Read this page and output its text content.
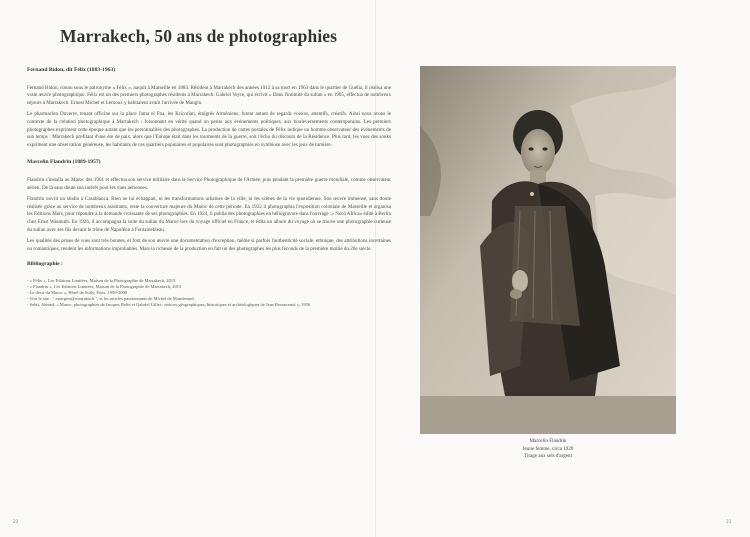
Marrakech, 50 ans de photographies
Fernand Bidon, dit Félix (1883-1963)

Fernand Bidon, connu sous le patronyme « Félix », naquit à Marseille en 1883. Résident à Marrakech des années 1912 à sa mort en 1963 dans le quartier de Guéliz, il réalisa une vraie œuvre photographique. Félix est un des premiers photographes résidents à Marrakech. Gabriel Veyre, qui écrivit « Dans l'intimité du sultan » en 1905, effectua de nombreux séjours à Marrakech. Ernest Michel et Lemoux y habitaient avant l'arrivée de Mangin.

Le pharmacien Duverre, tenant officine sur la place Jama el Fna, les Kricorian, émigrés Arméniens, furent autant de regards voisins, attentifs, créatifs. Ainsi nous avons le contexte de la création photographique à Marrakech : foisonnant en vérité quand on pense aux événements politiques, aux bouleversements contemporains. Les premiers photographes expriment cette époque autant que les personnalités des photographes. La production de cartes postales de Félix indique un homme observateur des événements de son temps : Marrakech profitant d'une ère de paix, alors que l'Europe était dans les tourments de la guerre, soit l'écho du discours de la Résidence. Plus tard, les vues des souks expriment une observation généreuse, les habitants de ces quartiers populaires et populaires sont photographiés en symbiose avec les jeux de lumière.

Marcelin Flandrin (1889-1957)

Flandrin s'installa au Maroc dès 1901 et effectua son service militaire dans le Service Photographique de l'Armée, puis pendant la première guerre mondiale, comme observateur aérien. De là sans doute son intérêt pour les vues aériennes.

Flandrin ouvrit un studio à Casablanca. Rien ne lui échappait, ni les transformations urbaines de la ville, ni les scènes de la vie quotidienne. Son œuvre immense, sans doute réalisée grâce au service de nombreux assistants, reste la couverture majeure du Maroc de cette période. En 1922 il photographia l'exposition coloniale de Marseille et organisa les Editions Mars, pour répondre à la demande croissante de ses photographies. En 1924, il publia des photographies en héliogravure dans l'ouvrage :« Nord Africa» édité à Berlin chez Ernst Wasmuth. En 1926, il accompagna la suite du sultan du Maroc lors du voyage officiel en France, et édita un album du voyage où se trouve une photographie curieuse du sultan avec ses fils devant le trône de Napoléon à Fontainebleau.

Les qualités des prises de vues sont très bonnes, et font de son œuvre une documentation d'exception, même si parfois l'authenticité sociale, ethnique, des attributions incertaines ou romantiques, rendent les informations improbables. Mais la richesse de la production en fait un des photographes les plus féconds de la première moitié du 20e siècle.

Bibliographie :
- « Félix », Les Editions Limitées, Maison de la Photographie de Marrakech, 2015
- « Flandrin », Les Editions Limitées, Maison de la Photographie de Marrakech, 2015
- Le désir du Maroc », Hôtel de Sully, Paris, 1999-2000
- Voir le site : " marrgest@marrakech ", et les articles passionnants de Michel de Mondenard.
- Sebti, Ahmed, « Maroc, photographies de Jacques Belin et Gabriel Gillet : notices géographiques, historiques et archéologiques de Jean Besancenot », 1956
Marcelin Flandrin
Jeune femme, circa 1920
Tirage aux sels d'argent
22	23
